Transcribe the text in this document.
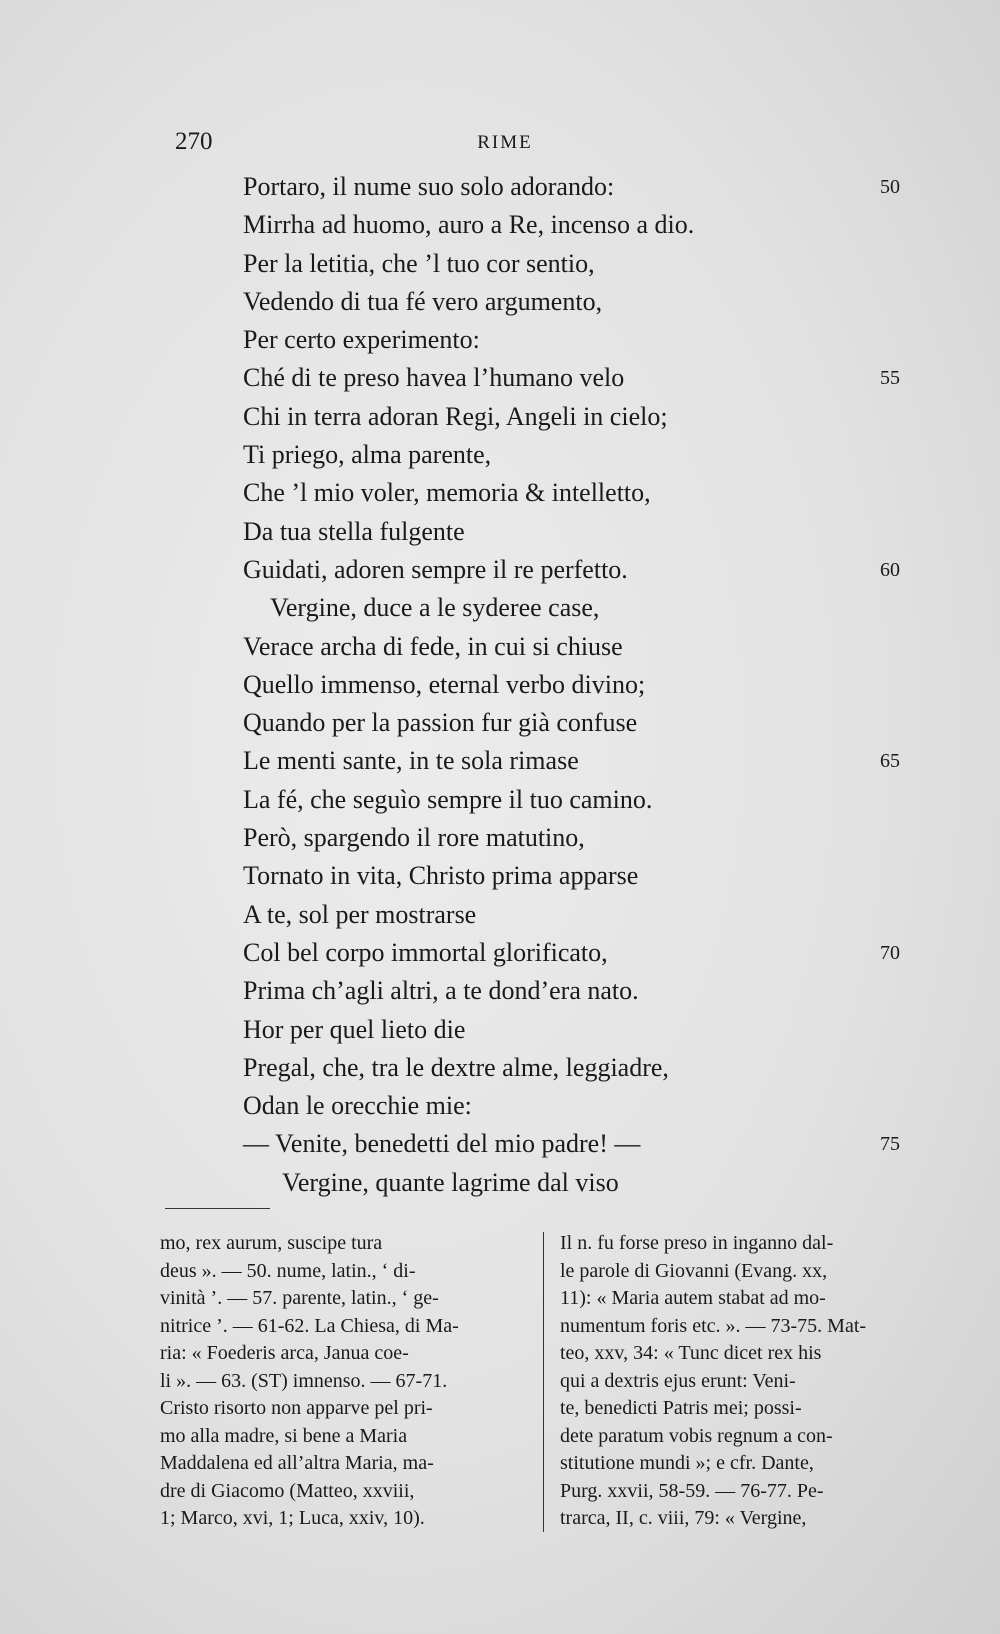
270	RIME
Portaro, il nume suo solo adorando:	50
Mirrha ad huomo, auro a Re, incenso a dio.
Per la letitia, che ’l tuo cor sentio,
Vedendo di tua fé vero argumento,
Per certo experimento:
Ché di te preso havea l’humano velo	55
Chi in terra adoran Regi, Angeli in cielo;
Ti priego, alma parente,
Che ’l mio voler, memoria & intelletto,
Da tua stella fulgente
Guidati, adoren sempre il re perfetto.	60
Vergine, duce a le syderee case,
Verace archa di fede, in cui si chiuse
Quello immenso, eternal verbo divino;
Quando per la passion fur già confuse
Le menti sante, in te sola rimase	65
La fé, che seguìo sempre il tuo camino.
Però, spargendo il rore matutino,
Tornato in vita, Christo prima apparse
A te, sol per mostrarse
Col bel corpo immortal glorificato,	70
Prima ch’agli altri, a te dond’era nato.
Hor per quel lieto die
Pregal, che, tra le dextre alme, leggiadre,
Odan le orecchie mie:
— Venite, benedetti del mio padre! —	75
Vergine, quante lagrime dal viso
mo, rex aurum, suscipe tura
deus ». — 50. nume, latin., ‘ di-
vinità ’. — 57. parente, latin., ‘ ge-
nitrice ’. — 61-62. La Chiesa, di Ma-
ria: « Foederis arca, Janua coe-
li ». — 63. (ST) imnenso. — 67-71.
Cristo risorto non apparve pel pri-
mo alla madre, si bene a Maria
Maddalena ed all’altra Maria, ma-
dre di Giacomo (Matteo, xxviii,
1; Marco, xvi, 1; Luca, xxiv, 10).
Il n. fu forse preso in inganno dal-
le parole di Giovanni (Evang. xx,
11): « Maria autem stabat ad mo-
numentum foris etc. ». — 73-75. Mat-
teo, xxv, 34: « Tunc dicet rex his
qui a dextris ejus erunt: Veni-
te, benedicti Patris mei; possi-
dete paratum vobis regnum a con-
stitutione mundi »; e cfr. Dante,
Purg. xxvii, 58-59. — 76-77. Pe-
trarca, II, c. viii, 79: « Vergine,
